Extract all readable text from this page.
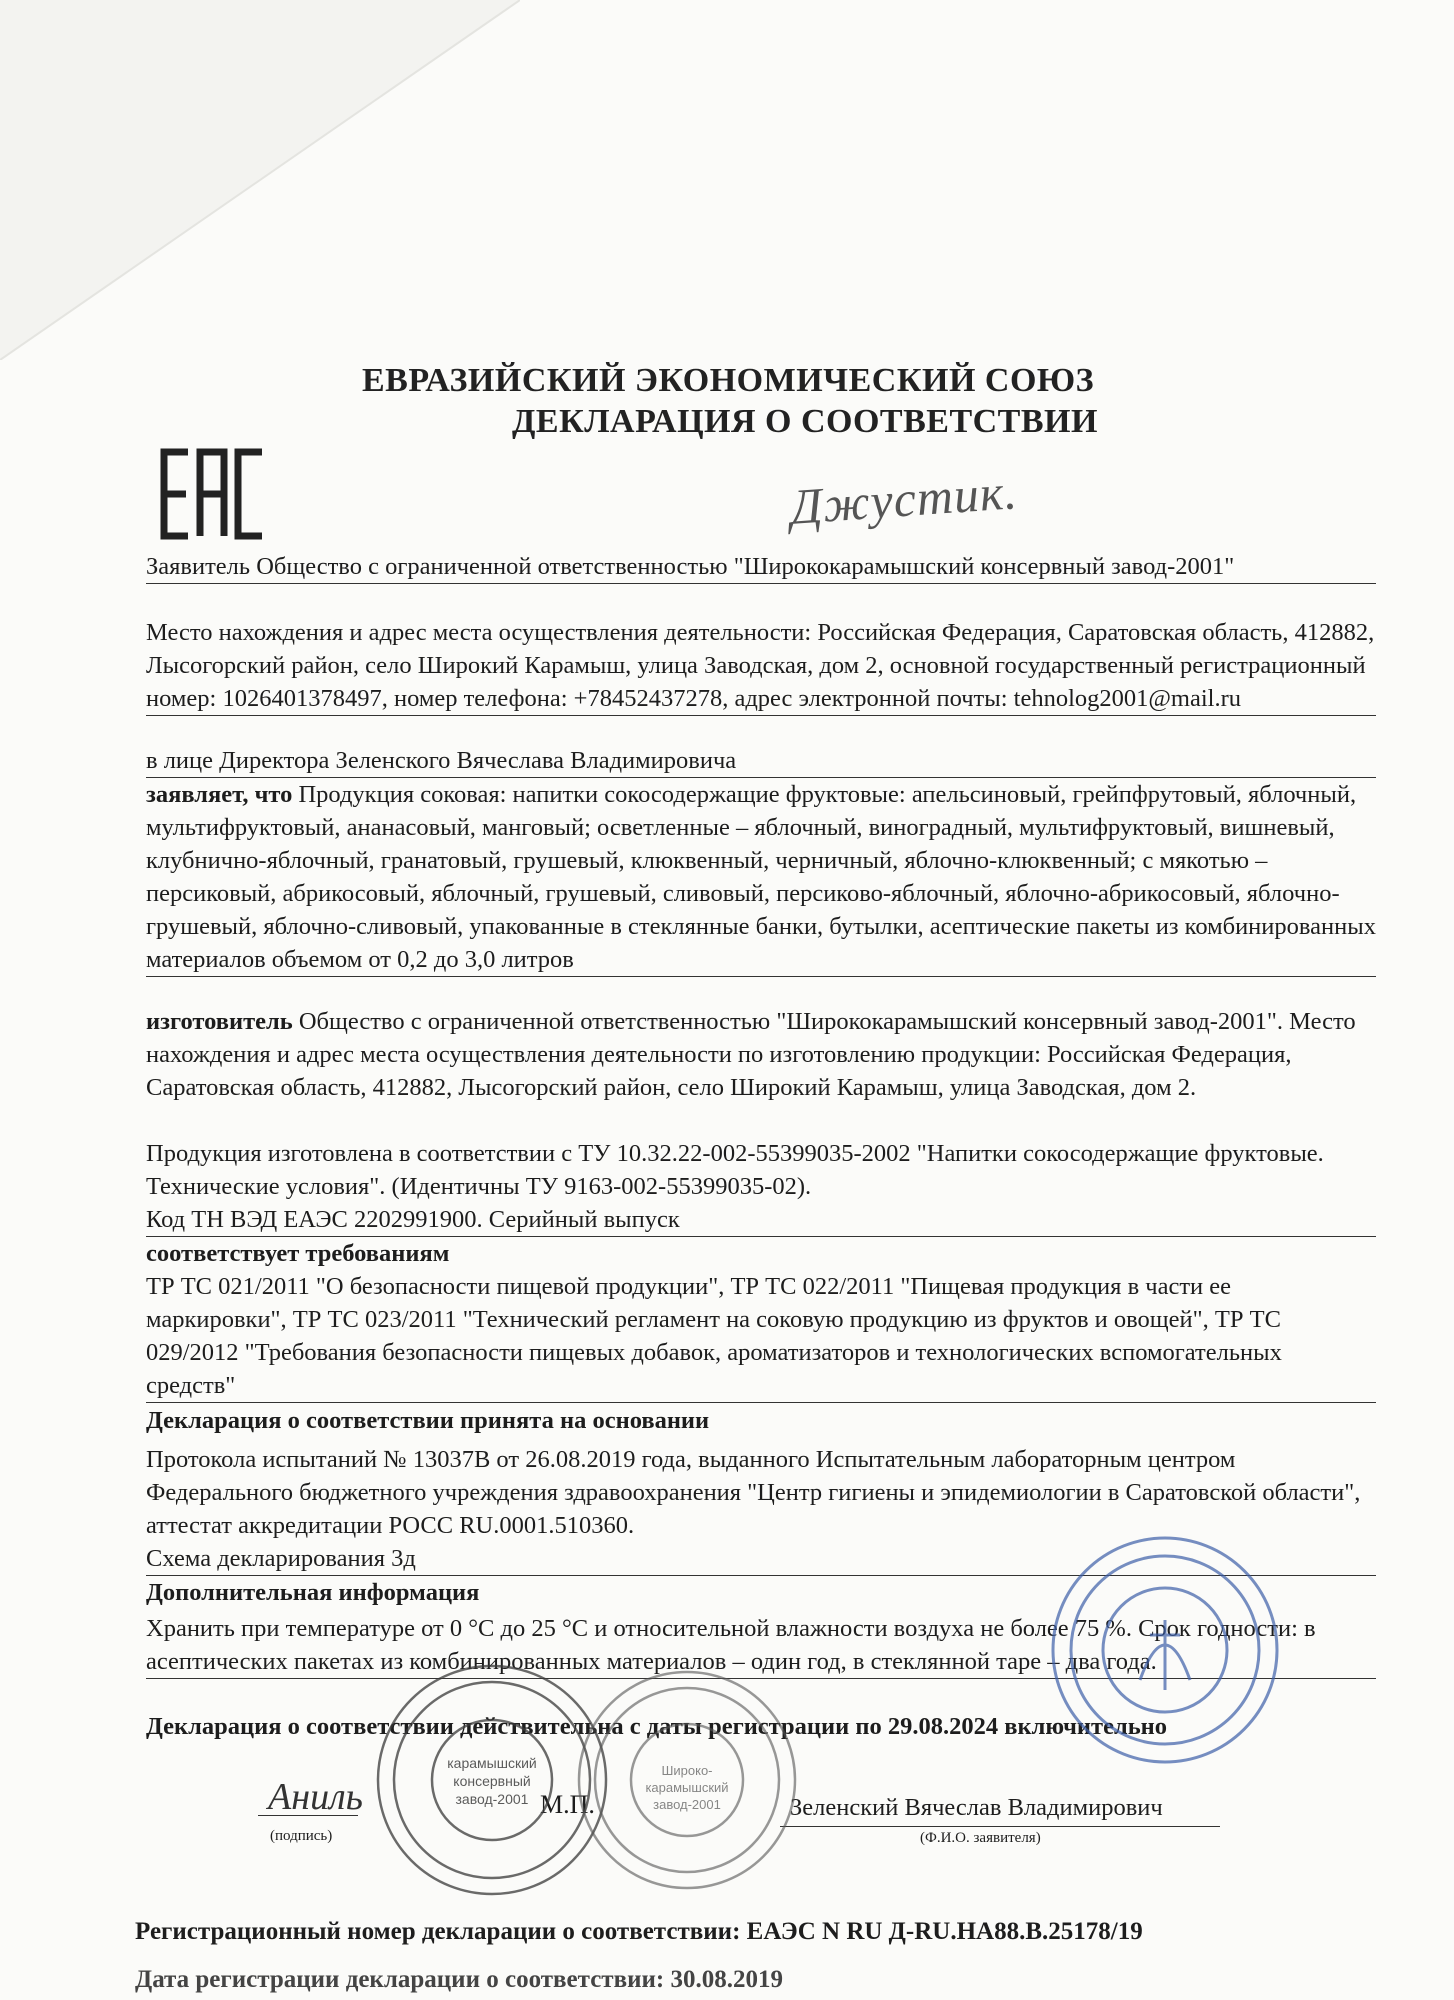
ЕВРАЗИЙСКИЙ ЭКОНОМИЧЕСКИЙ СОЮЗ
ДЕКЛАРАЦИЯ О СООТВЕТСТВИИ
Джустик.
Заявитель Общество с ограниченной ответственностью "Ширококарамышский консервный завод-2001"
Место нахождения и адрес места осуществления деятельности: Российская Федерация, Саратовская область, 412882, Лысогорский район, село Широкий Карамыш, улица Заводская, дом 2, основной государственный регистрационный номер: 1026401378497, номер телефона: +78452437278, адрес электронной почты: tehnolog2001@mail.ru
в лице Директора Зеленского Вячеслава Владимировича
заявляет, что Продукция соковая: напитки сокосодержащие фруктовые: апельсиновый, грейпфрутовый, яблочный, мультифруктовый, ананасовый, манговый; осветленные – яблочный, виноградный, мультифруктовый, вишневый, клубнично-яблочный, гранатовый, грушевый, клюквенный, черничный, яблочно-клюквенный; с мякотью – персиковый, абрикосовый, яблочный, грушевый, сливовый, персиково-яблочный, яблочно-абрикосовый, яблочно-грушевый, яблочно-сливовый, упакованные в стеклянные банки, бутылки, асептические пакеты из комбинированных материалов объемом от 0,2 до 3,0 литров
изготовитель Общество с ограниченной ответственностью "Ширококарамышский консервный завод-2001". Место нахождения и адрес места осуществления деятельности по изготовлению продукции: Российская Федерация, Саратовская область, 412882, Лысогорский район, село Широкий Карамыш, улица Заводская, дом 2.
Продукция изготовлена в соответствии с ТУ 10.32.22-002-55399035-2002 "Напитки сокосодержащие фруктовые. Технические условия". (Идентичны ТУ 9163-002-55399035-02).
Код ТН ВЭД ЕАЭС 2202991900. Серийный выпуск
соответствует требованиям
ТР ТС 021/2011 "О безопасности пищевой продукции", ТР ТС 022/2011 "Пищевая продукция в части ее маркировки", ТР ТС 023/2011 "Технический регламент на соковую продукцию из фруктов и овощей", ТР ТС 029/2012 "Требования безопасности пищевых добавок, ароматизаторов и технологических вспомогательных средств"
Декларация о соответствии принята на основании
Протокола испытаний № 13037В от 26.08.2019 года, выданного Испытательным лабораторным центром Федерального бюджетного учреждения здравоохранения "Центр гигиены и эпидемиологии в Саратовской области", аттестат аккредитации РОСС RU.0001.510360.
Схема декларирования 3д
Дополнительная информация
Хранить при температуре от 0 °С до 25 °С и относительной влажности воздуха не более 75 %. Срок годности: в асептических пакетах из комбинированных материалов – один год, в стеклянной таре – два года.
Декларация о соответствии действительна с даты регистрации по 29.08.2024 включительно
Аниль
(подпись)
М.П.	Зеленский Вячеслав Владимирович
(Ф.И.О. заявителя)
карамышский
консервный
завод-2001
Широко-
карамышский
завод-2001
Регистрационный номер декларации о соответствии: ЕАЭС N RU Д-RU.НА88.В.25178/19
Дата регистрации декларации о соответствии: 30.08.2019
